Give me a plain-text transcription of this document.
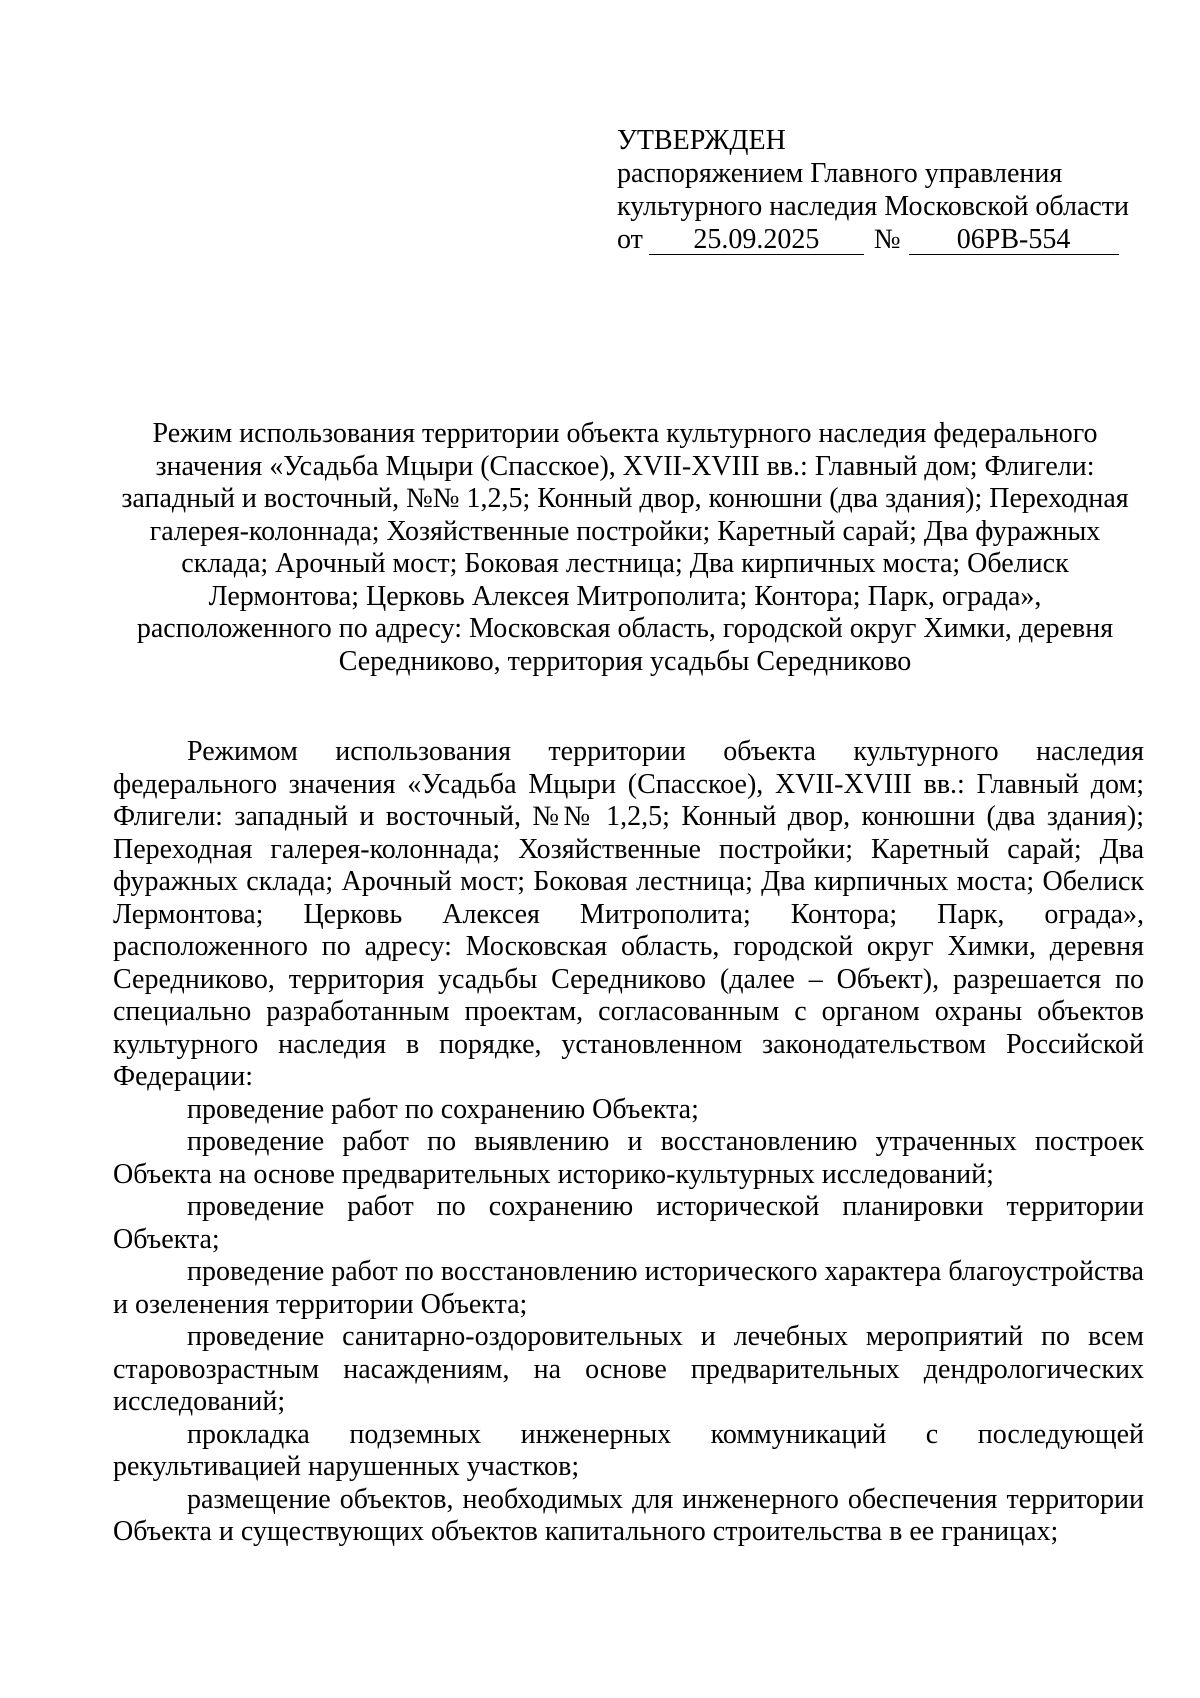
УТВЕРЖДЕН
распоряжением Главного управления
культурного наследия Московской области
от	25.09.2025	№	06РВ-554
Режим использования территории объекта культурного наследия федерального значения «Усадьба Мцыри (Спасское), XVII-XVIII вв.: Главный дом; Флигели: западный и восточный, №№ 1,2,5; Конный двор, конюшни (два здания); Переходная галерея-колоннада; Хозяйственные постройки; Каретный сарай; Два фуражных склада; Арочный мост; Боковая лестница; Два кирпичных моста; Обелиск Лермонтова; Церковь Алексея Митрополита; Контора; Парк, ограда», расположенного по адресу: Московская область, городской округ Химки, деревня Середниково, территория усадьбы Середниково

Режимом использования территории объекта культурного наследия федерального значения «Усадьба Мцыри (Спасское), XVII-XVIII вв.: Главный дом; Флигели: западный и восточный, №№ 1,2,5; Конный двор, конюшни (два здания); Переходная галерея-колоннада; Хозяйственные постройки; Каретный сарай; Два фуражных склада; Арочный мост; Боковая лестница; Два кирпичных моста; Обелиск Лермонтова; Церковь Алексея Митрополита; Контора; Парк, ограда», расположенного по адресу: Московская область, городской округ Химки, деревня Середниково, территория усадьбы Середниково (далее – Объект), разрешается по специально разработанным проектам, согласованным с органом охраны объектов культурного наследия в порядке, установленном законодательством Российской Федерации:

проведение работ по сохранению Объекта;

проведение работ по выявлению и восстановлению утраченных построек Объекта на основе предварительных историко-культурных исследований;

проведение работ по сохранению исторической планировки территории Объекта;

проведение работ по восстановлению исторического характера благоустройства и озеленения территории Объекта;

проведение санитарно-оздоровительных и лечебных мероприятий по всем старовозрастным насаждениям, на основе предварительных дендрологических исследований;

прокладка подземных инженерных коммуникаций с последующей рекультивацией нарушенных участков;

размещение объектов, необходимых для инженерного обеспечения территории Объекта и существующих объектов капитального строительства в ее границах;
